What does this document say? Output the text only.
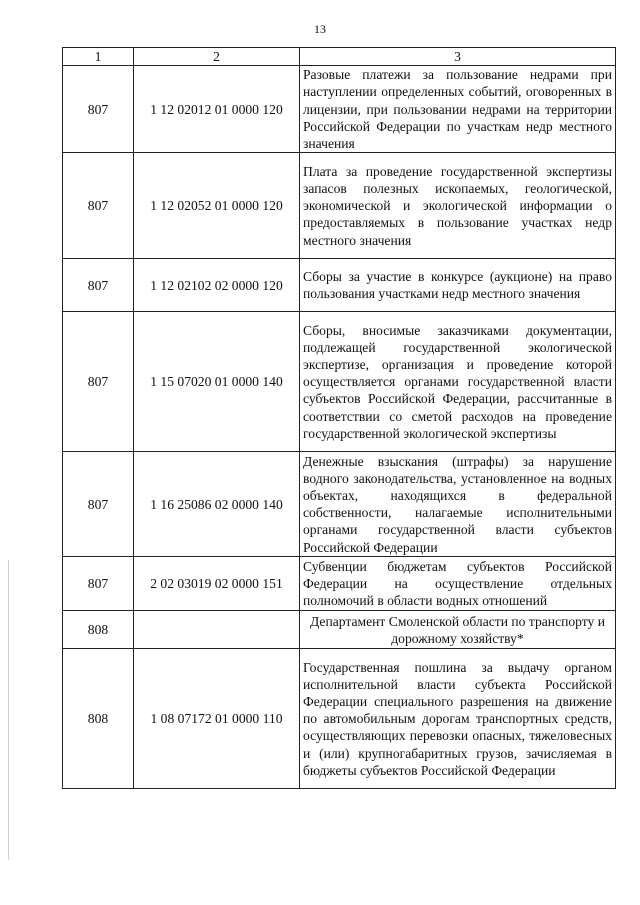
13
1	2	3
807	1 12 02012 01 0000 120	Разовые платежи за пользование недрами при наступлении определенных событий, оговоренных в лицензии, при пользовании недрами на территории Российской Федерации по участкам недр местного значения
807	1 12 02052 01 0000 120	Плата за проведение государственной экспертизы запасов полезных ископаемых, геологической, экономической и экологической информации о предоставляемых в пользование участках недр местного значения
807	1 12 02102 02 0000 120	Сборы за участие в конкурсе (аукционе) на право пользования участками недр местного значения
807	1 15 07020 01 0000 140	Сборы, вносимые заказчиками документации, подлежащей государственной экологической экспертизе, организация и проведение которой осуществляется органами государственной власти субъектов Российской Федерации, рассчитанные в соответствии со сметой расходов на проведение государственной экологической экспертизы
807	1 16 25086 02 0000 140	Денежные взыскания (штрафы) за нарушение водного законодательства, установленное на водных объектах, находящихся в федеральной собственности, налагаемые исполнительными органами государственной власти субъектов Российской Федерации
807	2 02 03019 02 0000 151	Субвенции бюджетам субъектов Российской Федерации на осуществление отдельных полномочий в области водных отношений
808		Департамент Смоленской области по транспорту и дорожному хозяйству*
808	1 08 07172 01 0000 110	Государственная пошлина за выдачу органом исполнительной власти субъекта Российской Федерации специального разрешения на движение по автомобильным дорогам транспортных средств, осуществляющих перевозки опасных, тяжеловесных и (или) крупногабаритных грузов, зачисляемая в бюджеты субъектов Российской Федерации
